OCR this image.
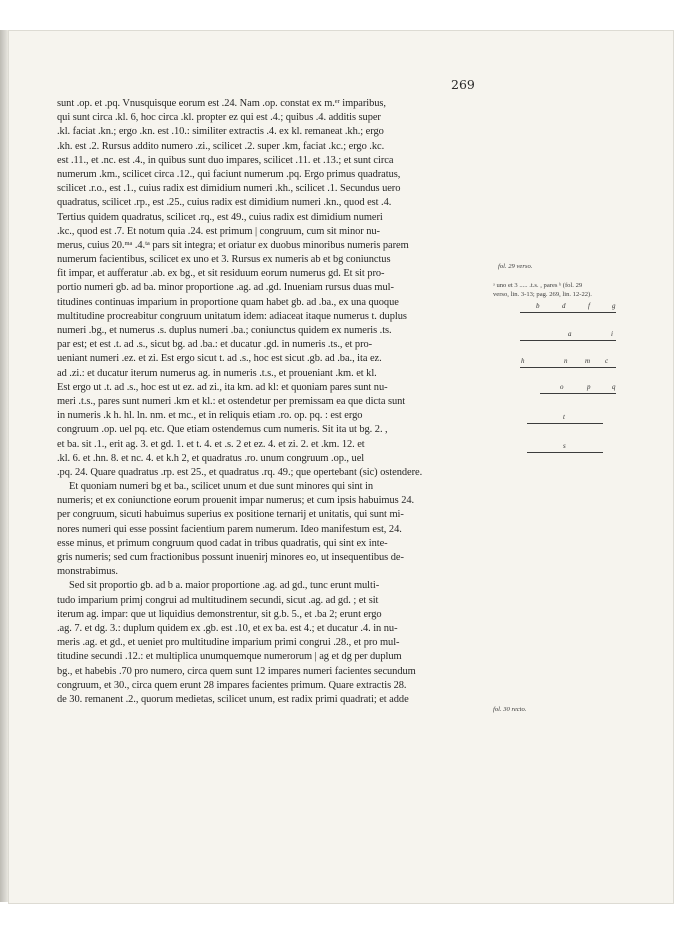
269
sunt .op. et .pq. Vnusquisque eorum est .24. Nam .op. constat ex m.ᵉʳ imparibus,
qui sunt circa .kl. 6, hoc circa .kl. propter ez qui est .4.; quibus .4. additis super
.kl. faciat .kn.; ergo .kn. est .10.: similiter extractis .4. ex kl. remaneat .kh.; ergo
.kh. est .2. Rursus addito numero .zi., scilicet .2. super .km, faciat .kc.; ergo .kc.
est .11., et .nc. est .4., in quibus sunt duo impares, scilicet .11. et .13.; et sunt circa
numerum .km., scilicet circa .12., qui faciunt numerum .pq. Ergo primus quadratus,
scilicet .r.o., est .1., cuius radix est dimidium numeri .kh., scilicet .1. Secundus uero
quadratus, scilicet .rp., est .25., cuius radix est dimidium numeri .kn., quod est .4.
Tertius quidem quadratus, scilicet .rq., est 49., cuius radix est dimidium numeri
.kc., quod est .7. Et notum quia .24. est primum | congruum, cum sit minor nu-
merus, cuius 20.ᵐᵃ .4.ᵗᵃ pars sit integra; et oriatur ex duobus minoribus numeris parem
numerum facientibus, scilicet ex uno et 3. Rursus ex numeris ab et bg coniunctus
fit impar, et aufferatur .ab. ex bg., et sit residuum eorum numerus gd. Et sit pro-
portio numeri gb. ad ba. minor proportione .ag. ad .gd. Inueniam rursus duas mul-
titudines continuas imparium in proportione quam habet gb. ad .ba., ex una quoque
multitudine procreabitur congruum unitatum idem: adiaceat itaque numerus t. duplus
numeri .bg., et numerus .s. duplus numeri .ba.; coniunctus quidem ex numeris .ts.
par est; et est .t. ad .s., sicut bg. ad .ba.: et ducatur .gd. in numeris .ts., et pro-
ueniant numeri .ez. et zi. Est ergo sicut t. ad .s., hoc est sicut .gb. ad .ba., ita ez.
ad .zi.: et ducatur iterum numerus ag. in numeris .t.s., et proueniant .km. et kl.
Est ergo ut .t. ad .s., hoc est ut ez. ad zi., ita km. ad kl: et quoniam pares sunt nu-
meri .t.s., pares sunt numeri .km et kl.: et ostendetur per premissam ea que dicta sunt
in numeris .k h. hl. ln. nm. et mc., et in reliquis etiam .ro. op. pq. : est ergo
congruum .op. uel pq. etc. Que etiam ostendemus cum numeris. Sit ita ut bg. 2. ,
et ba. sit .1., erit ag. 3. et gd. 1. et t. 4. et .s. 2 et ez. 4. et zi. 2. et .km. 12. et
.kl. 6. et .hn. 8. et nc. 4. et k.h 2, et quadratus .ro. unum congruum .op., uel
.pq. 24. Quare quadratus .rp. est 25., et quadratus .rq. 49.; que opertebant (sic) ostendere.
Et quoniam numeri bg et ba., scilicet unum et due sunt minores qui sint in
numeris; et ex coniunctione eorum prouenit impar numerus; et cum ipsis habuimus 24.
per congruum, sicuti habuimus superius ex positione ternarij et unitatis, qui sunt mi-
nores numeri qui esse possint facientium parem numerum. Ideo manifestum est, 24.
esse minus, et primum congruum quod cadat in tribus quadratis, qui sint ex inte-
gris numeris; sed cum fractionibus possunt inuenirj minores eo, ut insequentibus de-
monstrabimus.
Sed sit proportio gb. ad b a. maior proportione .ag. ad gd., tunc erunt multi-
tudo imparium primj congrui ad multitudinem secundi, sicut .ag. ad gd. ; et sit
iterum ag. impar: que ut liquidius demonstrentur, sit g.b. 5., et .ba 2; erunt ergo
.ag. 7. et dg. 3.: duplum quidem ex .gb. est .10, et ex ba. est 4.; et ducatur .4. in nu-
meris .ag. et gd., et ueniet pro multitudine imparium primi congrui .28., et pro mul-
titudine secundi .12.: et multiplica unumquemque numerorum | ag et dg per duplum
bg., et habebis .70 pro numero, circa quem sunt 12 impares numeri facientes secundum
congruum, et 30., circa quem erunt 28 impares facientes primum. Quare extractis 28.
de 30. remanent .2., quorum medietas, scilicet unum, est radix primi quadrati; et adde
fol. 29 verso.
ᵃ uno et 3 ..... .t.s. , pares ᵇ (fol. 29
verso, lin. 3-13; pag. 269, lin. 12-22).
fol. 30 recto.
b	d	f	g
a	i
h	n	m c
o	p	q
t
s
